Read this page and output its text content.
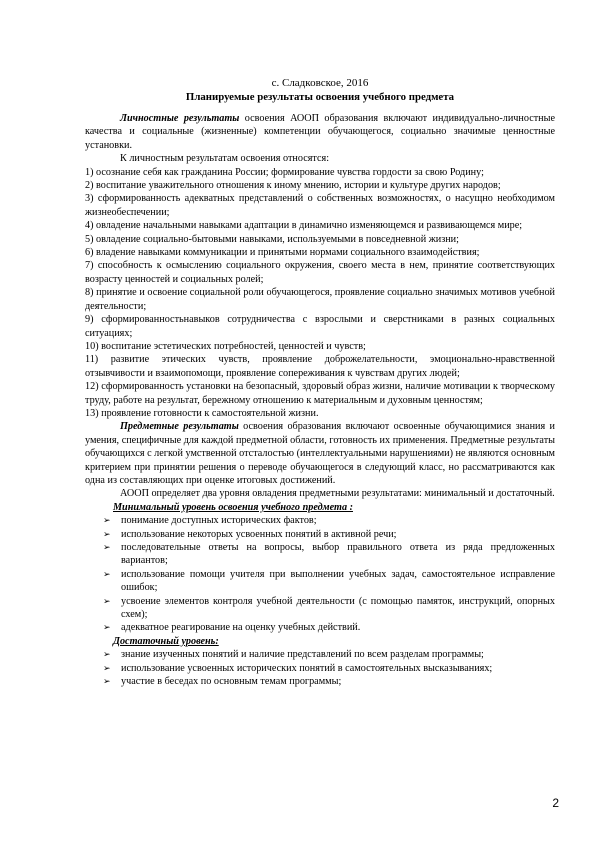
с. Сладковское, 2016
Планируемые результаты освоения учебного предмета
Личностные результаты освоения АООП образования включают индивидуально-личностные качества и социальные (жизненные) компетенции обучающегося, социально значимые ценностные установки.
К личностным результатам освоения относятся:
1) осознание себя как гражданина России; формирование чувства гордости за свою Родину;
2) воспитание уважительного отношения к иному мнению, истории и культуре других народов;
3) сформированность адекватных представлений о собственных возможностях, о насущно необходимом жизнеобеспечении;
4) овладение начальными навыками адаптации в динамично изменяющемся и развивающемся мире;
5) овладение социально-бытовыми навыками, используемыми в повседневной жизни;
6) владение навыками коммуникации и принятыми нормами социального взаимодействия;
7) способность к осмыслению социального окружения, своего места в нем, принятие соответствующих возрасту ценностей и социальных ролей;
8) принятие и освоение социальной роли обучающегося, проявление социально значимых мотивов учебной деятельности;
9) сформированностьнавыков сотрудничества с взрослыми и сверстниками в разных социальных ситуациях;
10) воспитание эстетических потребностей, ценностей и чувств;
11) развитие этических чувств, проявление доброжелательности, эмоционально-нравственной отзывчивости и взаимопомощи, проявление сопереживания к чувствам других людей;
12) сформированность установки на безопасный, здоровый образ жизни, наличие мотивации к творческому труду, работе на результат, бережному отношению к материальным и духовным ценностям;
13) проявление готовности к самостоятельной жизни.
Предметные результаты освоения образования включают освоенные обучающимися знания и умения, специфичные для каждой предметной области, готовность их применения. Предметные результаты обучающихся с легкой умственной отсталостью (интеллектуальными нарушениями) не являются основным критерием при принятии решения о переводе обучающегося в следующий класс, но рассматриваются как одна из составляющих при оценке итоговых достижений.
АООП определяет два уровня овладения предметными результатами: минимальный и достаточный.
Минимальный уровень освоения учебного предмета :
➢ понимание доступных исторических фактов;
➢ использование некоторых усвоенных понятий в активной речи;
➢ последовательные ответы на вопросы, выбор правильного ответа из ряда предложенных вариантов;
➢ использование помощи учителя при выполнении учебных задач, самостоятельное исправление ошибок;
➢ усвоение элементов контроля учебной деятельности (с помощью памяток, инструкций, опорных схем);
➢ адекватное реагирование на оценку учебных действий.
Достаточный уровень:
➢ знание изученных понятий и наличие представлений по всем разделам программы;
➢ использование усвоенных исторических понятий в самостоятельных высказываниях;
➢ участие в беседах по основным темам программы;
2
